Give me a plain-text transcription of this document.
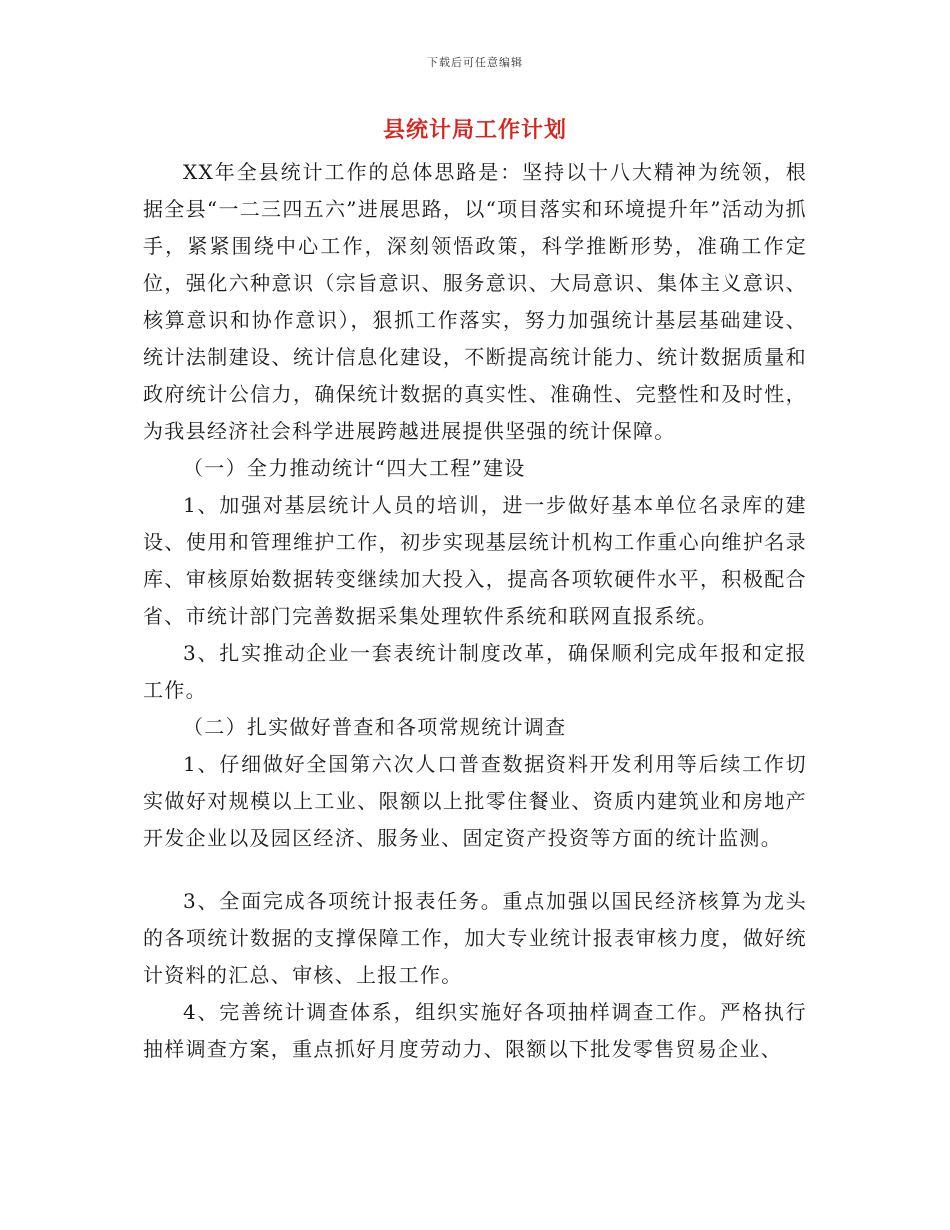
下载后可任意编辑
县统计局工作计划

XX年全县统计工作的总体思路是：坚持以十八大精神为统领，根据全县“一二三四五六”进展思路，以“项目落实和环境提升年”活动为抓手，紧紧围绕中心工作，深刻领悟政策，科学推断形势，准确工作定位，强化六种意识（宗旨意识、服务意识、大局意识、集体主义意识、核算意识和协作意识），狠抓工作落实，努力加强统计基层基础建设、统计法制建设、统计信息化建设，不断提高统计能力、统计数据质量和政府统计公信力，确保统计数据的真实性、准确性、完整性和及时性，为我县经济社会科学进展跨越进展提供坚强的统计保障。

（一）全力推动统计“四大工程”建设

1、加强对基层统计人员的培训，进一步做好基本单位名录库的建设、使用和管理维护工作，初步实现基层统计机构工作重心向维护名录库、审核原始数据转变继续加大投入，提高各项软硬件水平，积极配合省、市统计部门完善数据采集处理软件系统和联网直报系统。

3、扎实推动企业一套表统计制度改革，确保顺利完成年报和定报工作。

（二）扎实做好普查和各项常规统计调查

1、仔细做好全国第六次人口普查数据资料开发利用等后续工作切实做好对规模以上工业、限额以上批零住餐业、资质内建筑业和房地产开发企业以及园区经济、服务业、固定资产投资等方面的统计监测。

3、全面完成各项统计报表任务。重点加强以国民经济核算为龙头的各项统计数据的支撑保障工作，加大专业统计报表审核力度，做好统计资料的汇总、审核、上报工作。

4、完善统计调查体系，组织实施好各项抽样调查工作。严格执行抽样调查方案，重点抓好月度劳动力、限额以下批发零售贸易企业、
